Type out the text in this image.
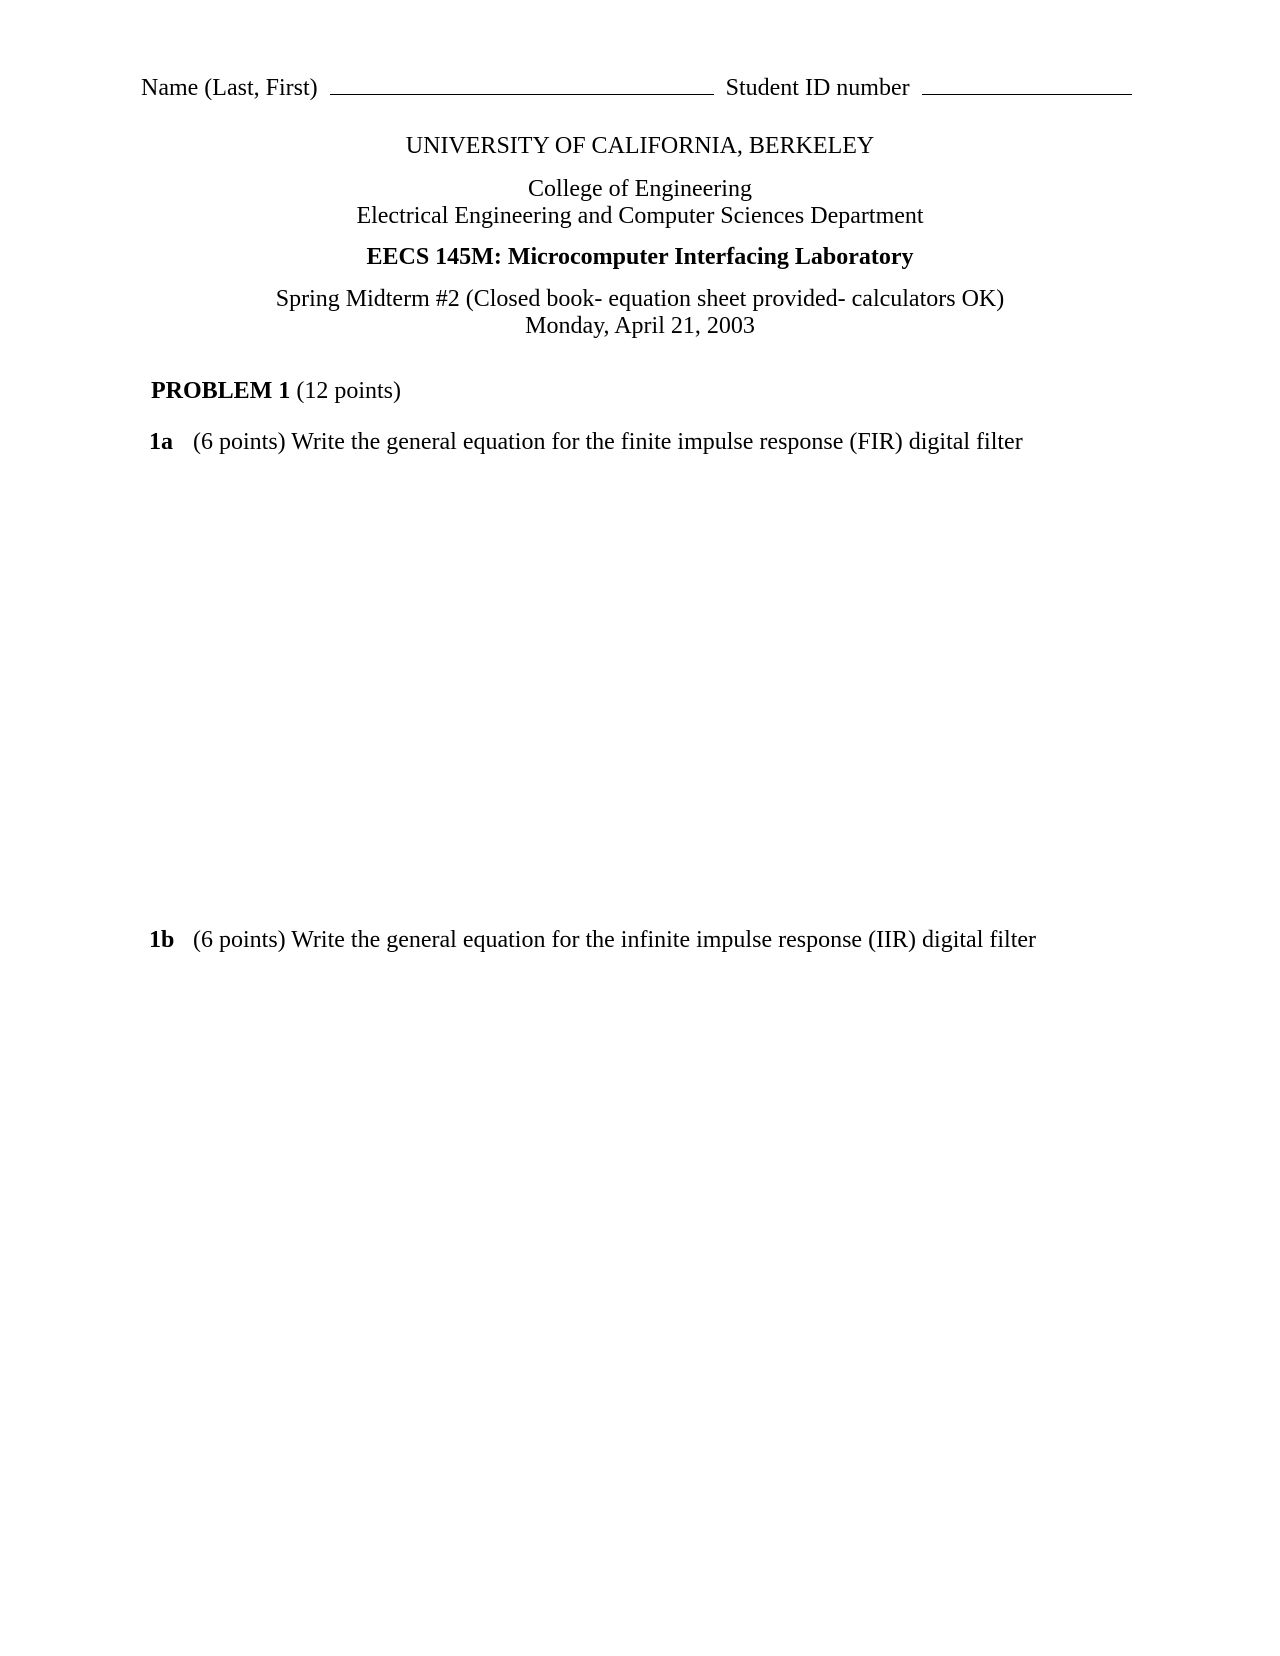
Name (Last, First)	Student ID number
UNIVERSITY OF CALIFORNIA, BERKELEY
College of Engineering
Electrical Engineering and Computer Sciences Department
EECS 145M: Microcomputer Interfacing Laboratory
Spring Midterm #2 (Closed book- equation sheet provided- calculators OK)
Monday, April 21, 2003
PROBLEM 1 (12 points)
1a (6 points) Write the general equation for the finite impulse response (FIR) digital filter
1b (6 points) Write the general equation for the infinite impulse response (IIR) digital filter
